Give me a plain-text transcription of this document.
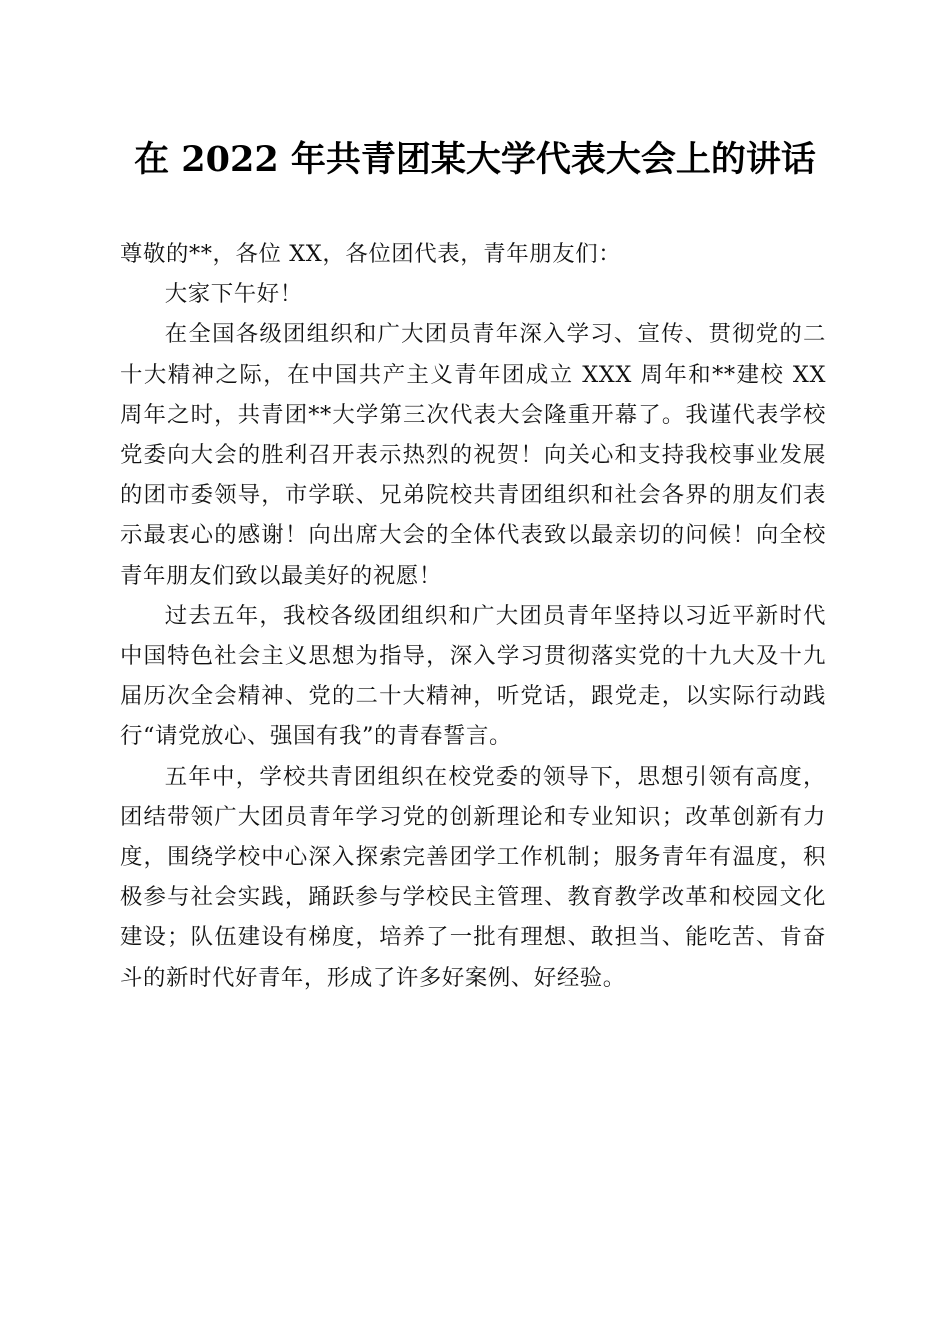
在 2022 年共青团某大学代表大会上的讲话

尊敬的**，各位 XX，各位团代表，青年朋友们：

大家下午好！

在全国各级团组织和广大团员青年深入学习、宣传、贯彻党的二十大精神之际，在中国共产主义青年团成立 XXX 周年和**建校 XX 周年之时，共青团**大学第三次代表大会隆重开幕了。我谨代表学校党委向大会的胜利召开表示热烈的祝贺！向关心和支持我校事业发展的团市委领导，市学联、兄弟院校共青团组织和社会各界的朋友们表示最衷心的感谢！向出席大会的全体代表致以最亲切的问候！向全校青年朋友们致以最美好的祝愿！

过去五年，我校各级团组织和广大团员青年坚持以习近平新时代中国特色社会主义思想为指导，深入学习贯彻落实党的十九大及十九届历次全会精神、党的二十大精神，听党话，跟党走，以实际行动践行“请党放心、强国有我”的青春誓言。

五年中，学校共青团组织在校党委的领导下，思想引领有高度，团结带领广大团员青年学习党的创新理论和专业知识；改革创新有力度，围绕学校中心深入探索完善团学工作机制；服务青年有温度，积极参与社会实践，踊跃参与学校民主管理、教育教学改革和校园文化建设；队伍建设有梯度，培养了一批有理想、敢担当、能吃苦、肯奋斗的新时代好青年，形成了许多好案例、好经验。
